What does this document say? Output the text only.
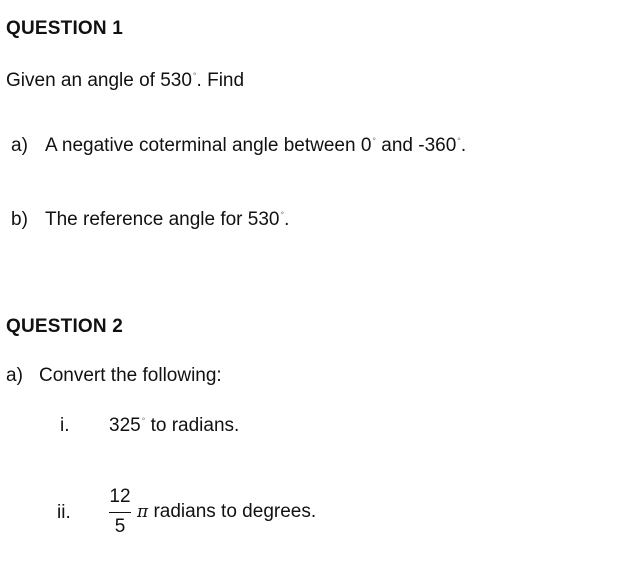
QUESTION 1
Given an angle of 530°. Find
a) A negative coterminal angle between 0° and -360°.
b) The reference angle for 530°.
QUESTION 2
a) Convert the following:
i. 325° to radians.
ii.
12
5
π radians to degrees.
